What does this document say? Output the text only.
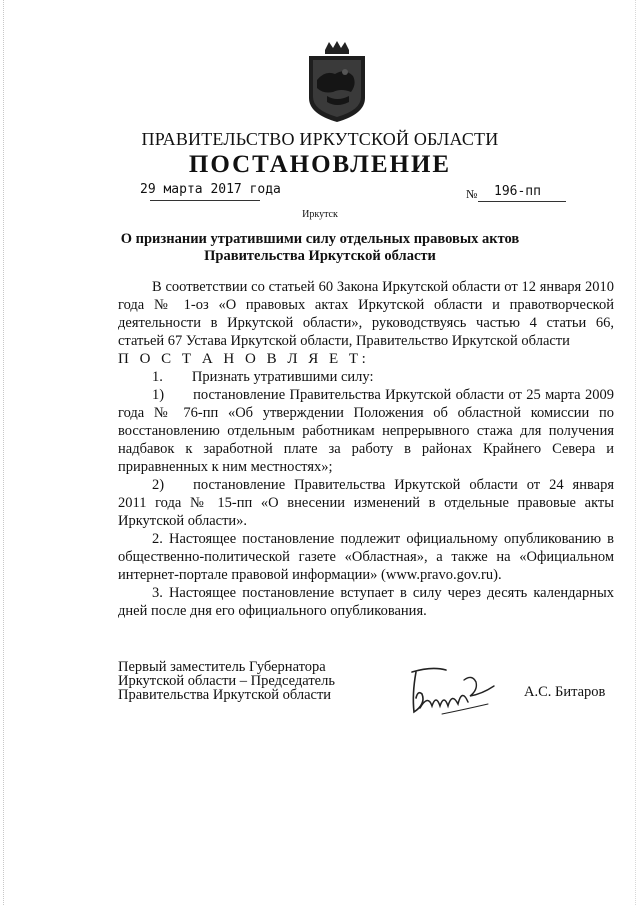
ПРАВИТЕЛЬСТВО ИРКУТСКОЙ ОБЛАСТИ
ПОСТАНОВЛЕНИЕ
29 марта 2017 года	№ 196-пп
Иркутск
О признании утратившими силу отдельных правовых актов
Правительства Иркутской области

В соответствии со статьей 60 Закона Иркутской области от 12 января 2010 года № 1-оз «О правовых актах Иркутской области и правотворческой деятельности в Иркутской области», руководствуясь частью 4 статьи 66, статьей 67 Устава Иркутской области, Правительство Иркутской области

П О С Т А Н О В Л Я Е Т:

1.  Признать утратившими силу:

1)  постановление Правительства Иркутской области от 25 марта 2009 года № 76-пп «Об утверждении Положения об областной комиссии по восстановлению отдельным работникам непрерывного стажа для получения надбавок к заработной плате за работу в районах Крайнего Севера и приравненных к ним местностях»;

2)  постановление Правительства Иркутской области от 24 января 2011 года № 15-пп «О внесении изменений в отдельные правовые акты Иркутской области».

2. Настоящее постановление подлежит официальному опубликованию в общественно-политической газете «Областная», а также на «Официальном интернет-портале правовой информации» (www.pravo.gov.ru).

3. Настоящее постановление вступает в силу через десять календарных дней после дня его официального опубликования.

Первый заместитель Губернатора
Иркутской области – Председатель
Правительства Иркутской области	А.С. Битаров
